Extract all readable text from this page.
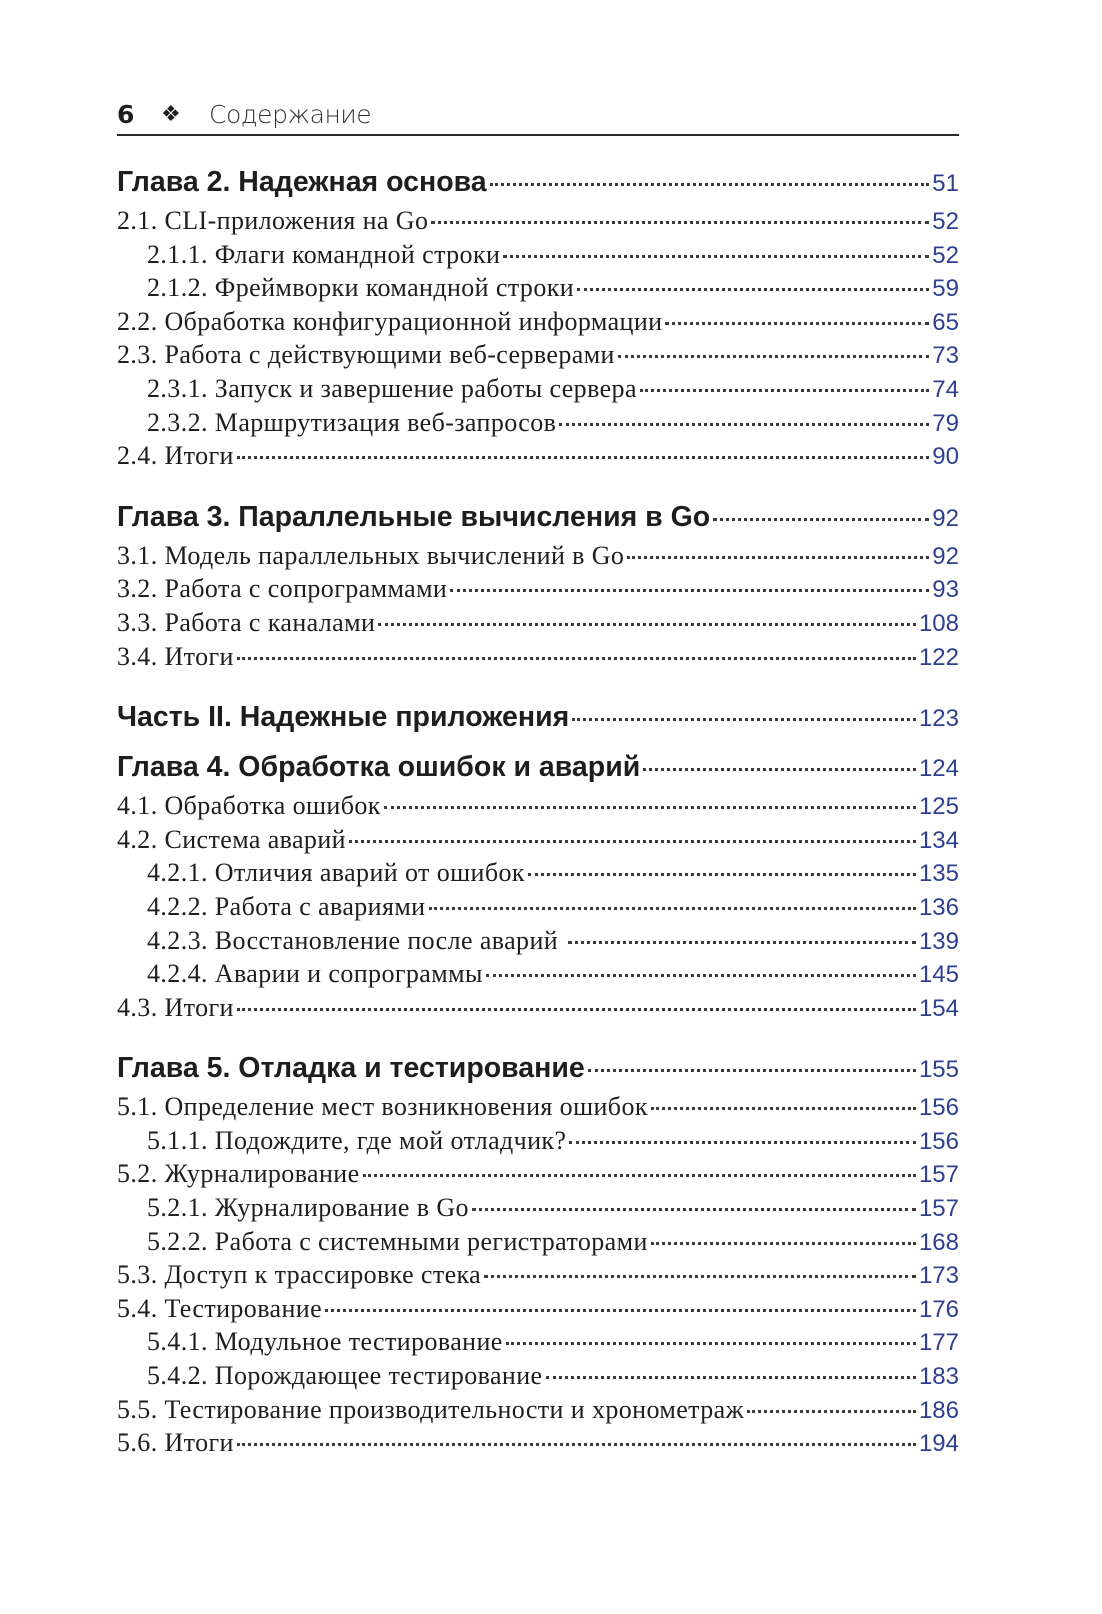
6	❖	Содержание
Глава 2. Надежная основа	51
2.1. CLI-приложения на Go	52
2.1.1. Флаги командной строки	52
2.1.2. Фреймворки командной строки	59
2.2. Обработка конфигурационной информации	65
2.3. Работа с действующими веб-серверами	73
2.3.1. Запуск и завершение работы сервера	74
2.3.2. Маршрутизация веб-запросов	79
2.4. Итоги	90
Глава 3. Параллельные вычисления в Go	92
3.1. Модель параллельных вычислений в Go	92
3.2. Работа с сопрограммами	93
3.3. Работа с каналами	108
3.4. Итоги	122
Часть II. Надежные приложения	123
Глава 4. Обработка ошибок и аварий	124
4.1. Обработка ошибок	125
4.2. Система аварий	134
4.2.1. Отличия аварий от ошибок	135
4.2.2. Работа с авариями	136
4.2.3. Восстановление после аварий	139
4.2.4. Аварии и сопрограммы	145
4.3. Итоги	154
Глава 5. Отладка и тестирование	155
5.1. Определение мест возникновения ошибок	156
5.1.1. Подождите, где мой отладчик?	156
5.2. Журналирование	157
5.2.1. Журналирование в Go	157
5.2.2. Работа с системными регистраторами	168
5.3. Доступ к трассировке стека	173
5.4. Тестирование	176
5.4.1. Модульное тестирование	177
5.4.2. Порождающее тестирование	183
5.5. Тестирование производительности и хронометраж	186
5.6. Итоги	194
